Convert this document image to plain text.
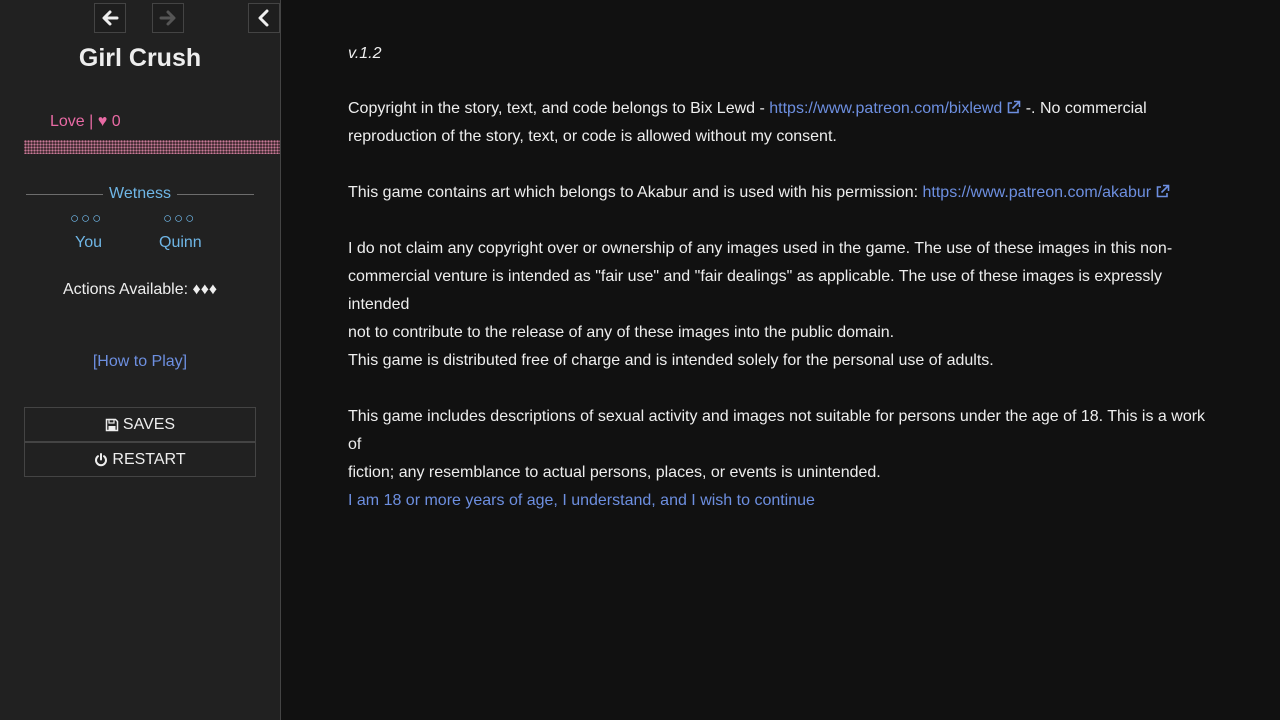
Girl Crush
Love | ♥ 0
Wetness
○○○	○○○
You	Quinn
Actions Available: ♦♦♦
[How to Play]
SAVES
RESTART
v.1.2

Copyright in the story, text, and code belongs to Bix Lewd - https://www.patreon.com/bixlewd -. No commercial
reproduction of the story, text, or code is allowed without my consent.

This game contains art which belongs to Akabur and is used with his permission: https://www.patreon.com/akabur

I do not claim any copyright over or ownership of any images used in the game. The use of these images in this non-
commercial venture is intended as "fair use" and "fair dealings" as applicable. The use of these images is expressly intended
not to contribute to the release of any of these images into the public domain.

This game is distributed free of charge and is intended solely for the personal use of adults.

This game includes descriptions of sexual activity and images not suitable for persons under the age of 18. This is a work of
fiction; any resemblance to actual persons, places, or events is unintended.

I am 18 or more years of age, I understand, and I wish to continue
